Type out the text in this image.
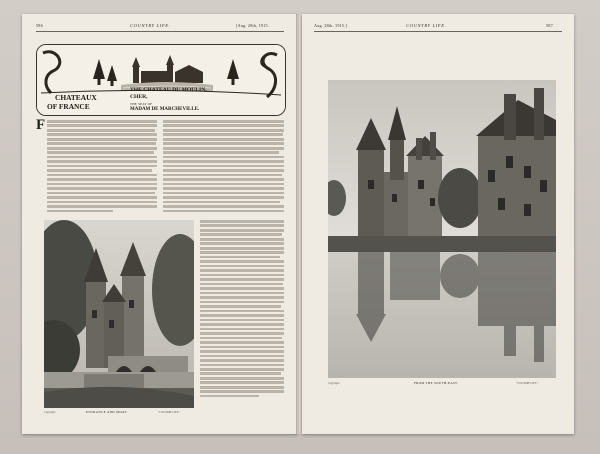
586	COUNTRY LIFE.	[Aug. 28th, 1915.
CHATEAUX
OF FRANCE
THE CHATEAU DU MOULIN,
CHER,
THE SEAT OF
MADAM DE MARCHEVILLE.
F
Copyright	ENTRANCE AND MOAT.	"COUNTRY LIFE."
Aug. 28th, 1915.]	COUNTRY LIFE.	587
Copyright	FROM THE SOUTH-EAST.	"COUNTRY LIFE."
